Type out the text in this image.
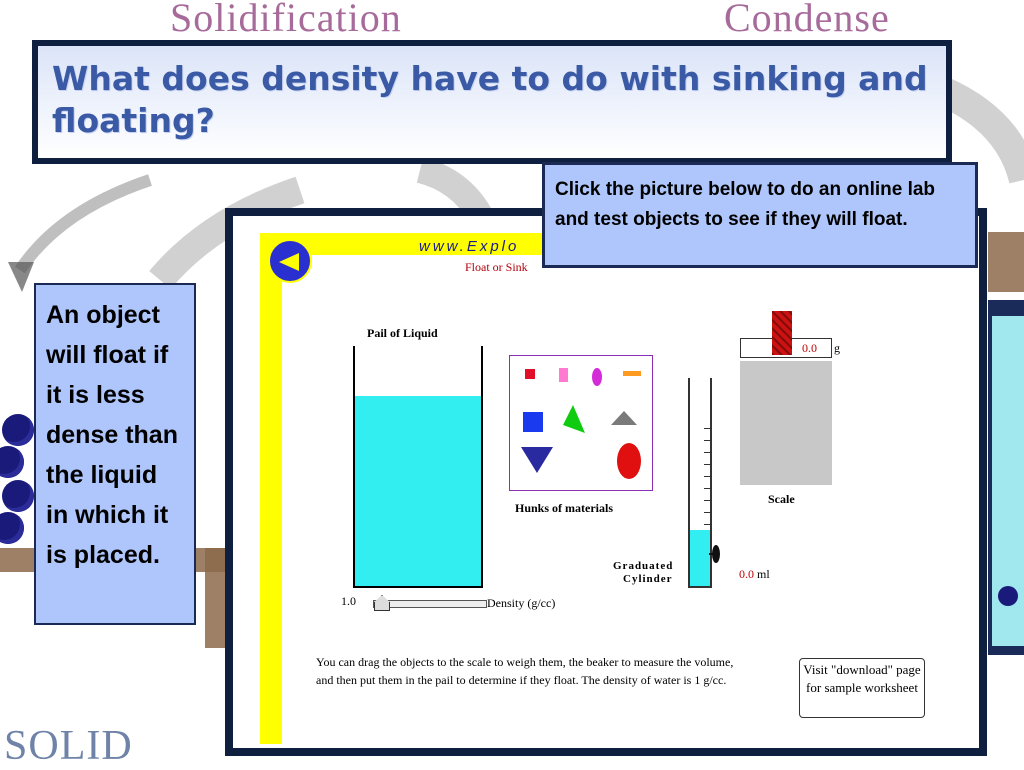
Solidification	Condense
SOLID
What does density have to do with sinking and floating?
An object will float if it is less dense than the liquid in which it is placed.
www.Explo
Float or Sink
Pail of Liquid
1.0	Density (g/cc)
Hunks of materials
Graduated
Cylinder	0.0 ml
0.0 g
Scale
You can drag the objects to the scale to weigh them, the beaker to measure the volume, and then put them in the pail to determine if they float. The density of water is 1 g/cc.
Visit "download" page for sample worksheet
Click the picture below to do an online lab and test objects to see if they will float.
